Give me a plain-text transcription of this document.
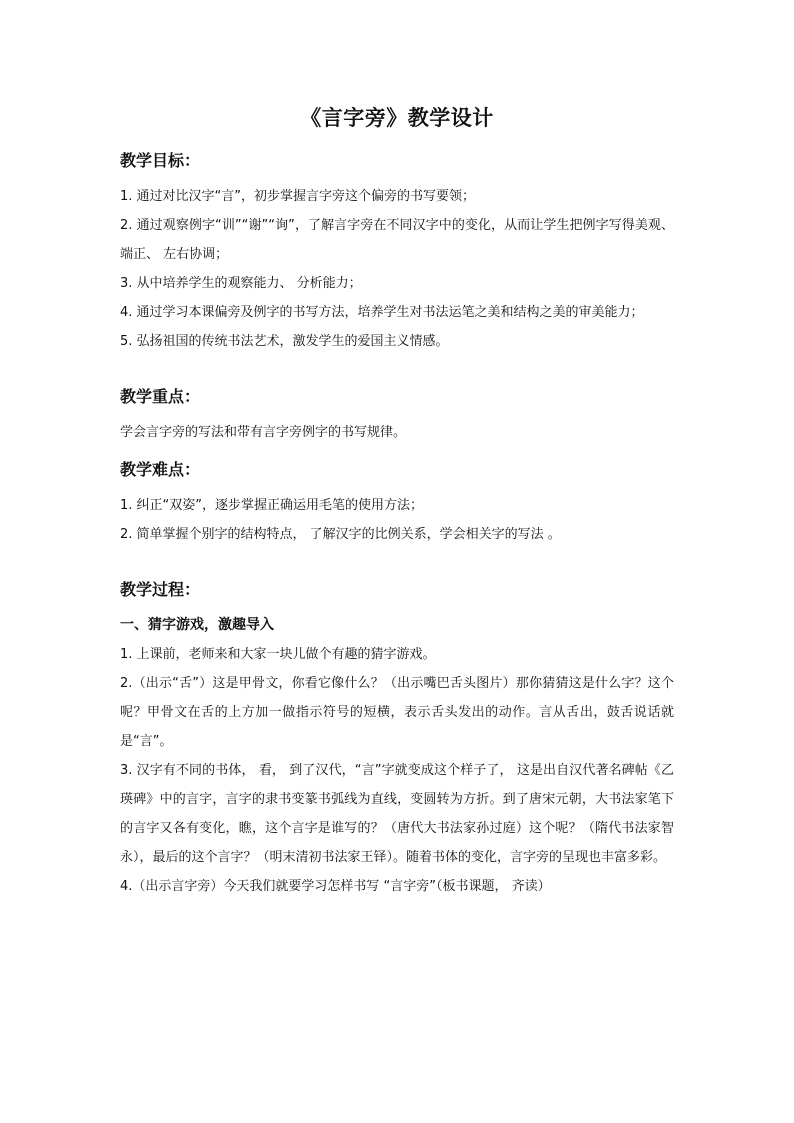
《言字旁》教学设计
教学目标：

1. 通过对比汉字“言”，初步掌握言字旁这个偏旁的书写要领；

2. 通过观察例字“训”“谢”“询”，了解言字旁在不同汉字中的变化，从而让学生把例字写得美观、 端正、 左右协调；

3. 从中培养学生的观察能力、 分析能力；

4. 通过学习本课偏旁及例字的书写方法，培养学生对书法运笔之美和结构之美的审美能力；

5. 弘扬祖国的传统书法艺术，激发学生的爱国主义情感。

教学重点：

学会言字旁的写法和带有言字旁例字的书写规律。

教学难点：

1. 纠正“双姿”，逐步掌握正确运用毛笔的使用方法；

2. 简单掌握个别字的结构特点， 了解汉字的比例关系，学会相关字的写法 。

教学过程：
一、猜字游戏，激趣导入

1. 上课前，老师来和大家一块儿做个有趣的猜字游戏。

2.（出示“舌”）这是甲骨文，你看它像什么？（出示嘴巴舌头图片）那你猜猜这是什么字？这个呢？甲骨文在舌的上方加一做指示符号的短横，表示舌头发出的动作。言从舌出，鼓舌说话就是“言”。

3. 汉字有不同的书体， 看， 到了汉代，“言”字就变成这个样子了， 这是出自汉代著名碑帖《乙瑛碑》中的言字，言字的隶书变篆书弧线为直线，变圆转为方折。到了唐宋元朝，大书法家笔下的言字又各有变化，瞧，这个言字是谁写的？（唐代大书法家孙过庭）这个呢？（隋代书法家智永），最后的这个言字？（明末清初书法家王铎）。随着书体的变化，言字旁的呈现也丰富多彩。

4.（出示言字旁）今天我们就要学习怎样书写 “言字旁”（板书课题， 齐读）
